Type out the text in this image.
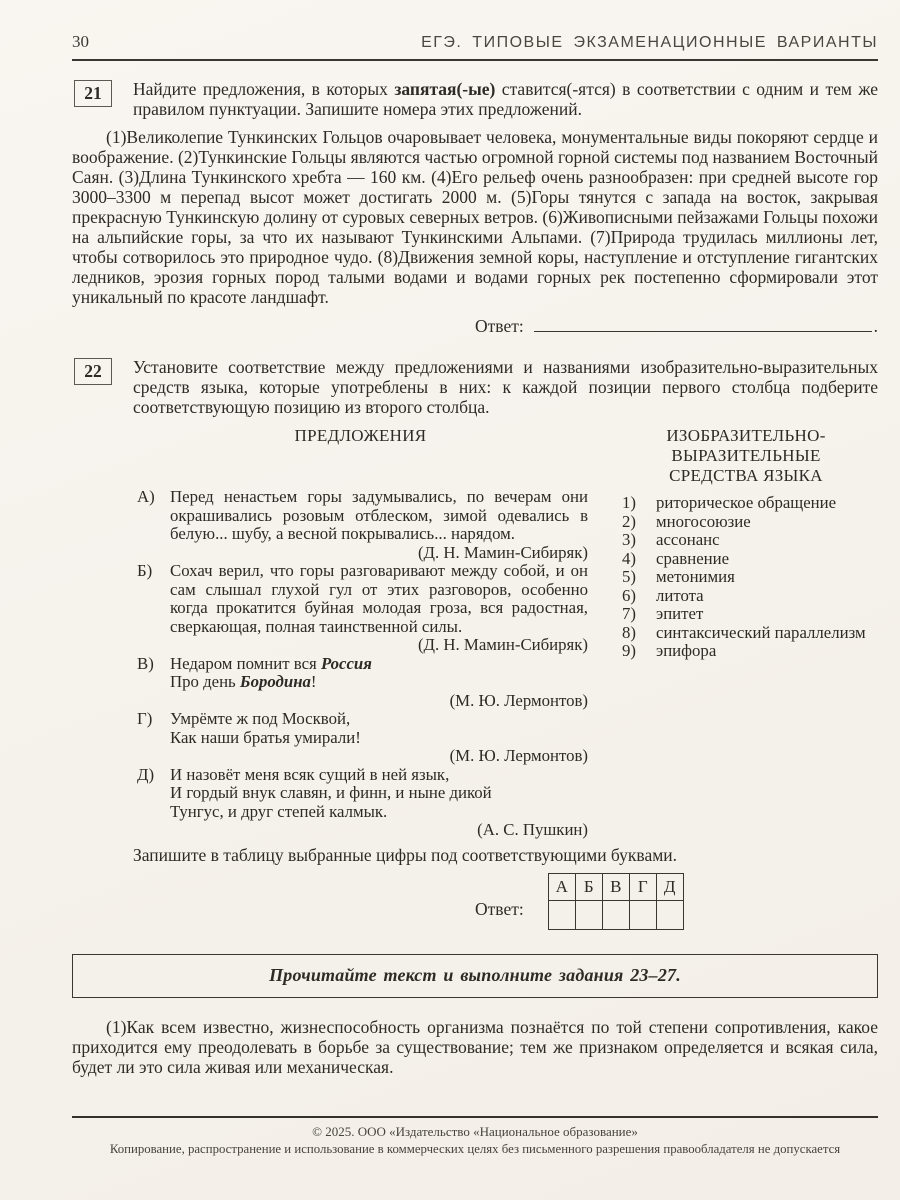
30	ЕГЭ. ТИПОВЫЕ ЭКЗАМЕНАЦИОННЫЕ ВАРИАНТЫ
21	Найдите предложения, в которых запятая(-ые) ставится(-ятся) в соответствии с одним и тем же правилом пунктуации. Запишите номера этих предложений.
(1)Великолепие Тункинских Гольцов очаровывает человека, монументальные виды покоряют сердце и воображение. (2)Тункинские Гольцы являются частью огромной горной системы под названием Восточный Саян. (3)Длина Тункинского хребта — 160 км. (4)Его рельеф очень разнообразен: при средней высоте гор 3000–3300 м перепад высот может достигать 2000 м. (5)Горы тянутся с запада на восток, закрывая прекрасную Тункинскую долину от суровых северных ветров. (6)Живописными пейзажами Гольцы похожи на альпийские горы, за что их называют Тункинскими Альпами. (7)Природа трудилась миллионы лет, чтобы сотворилось это природное чудо. (8)Движения земной коры, наступление и отступление гигантских ледников, эрозия горных пород талыми водами и водами горных рек постепенно сформировали этот уникальный по красоте ландшафт.
Ответ:	.
22	Установите соответствие между предложениями и названиями изобразительно-выразительных средств языка, которые употреблены в них: к каждой позиции первого столбца подберите соответствующую позицию из второго столбца.
ПРЕДЛОЖЕНИЯ
А) Перед ненастьем горы задумывались, по вечерам они окрашивались розовым отблеском, зимой одевались в белую... шубу, а весной покрывались... нарядом.
(Д. Н. Мамин-Сибиряк)
Б) Сохач верил, что горы разговаривают между собой, и он сам слышал глухой гул от этих разговоров, особенно когда прокатится буйная молодая гроза, вся радостная, сверкающая, полная таинственной силы.
(Д. Н. Мамин-Сибиряк)
В) Недаром помнит вся Россия
Про день Бородина!
(М. Ю. Лермонтов)
Г) Умрёмте ж под Москвой,
Как наши братья умирали!
(М. Ю. Лермонтов)
Д) И назовёт меня всяк сущий в ней язык,
И гордый внук славян, и финн, и ныне дикой
Тунгус, и друг степей калмык.
(А. С. Пушкин)
ИЗОБРАЗИТЕЛЬНО-
ВЫРАЗИТЕЛЬНЫЕ
СРЕДСТВА ЯЗЫКА
1) риторическое обращение
2) многосоюзие
3) ассонанс
4) сравнение
5) метонимия
6) литота
7) эпитет
8) синтаксический параллелизм
9) эпифора
Запишите в таблицу выбранные цифры под соответствующими буквами.
Ответ:
А	Б	В	Г	Д

Прочитайте текст и выполните задания 23–27.
(1)Как всем известно, жизнеспособность организма познаётся по той степени сопротивления, какое приходится ему преодолевать в борьбе за существование; тем же признаком определяется и всякая сила, будет ли это сила живая или механическая.
© 2025. ООО «Издательство «Национальное образование»
Копирование, распространение и использование в коммерческих целях без письменного разрешения правообладателя не допускается
